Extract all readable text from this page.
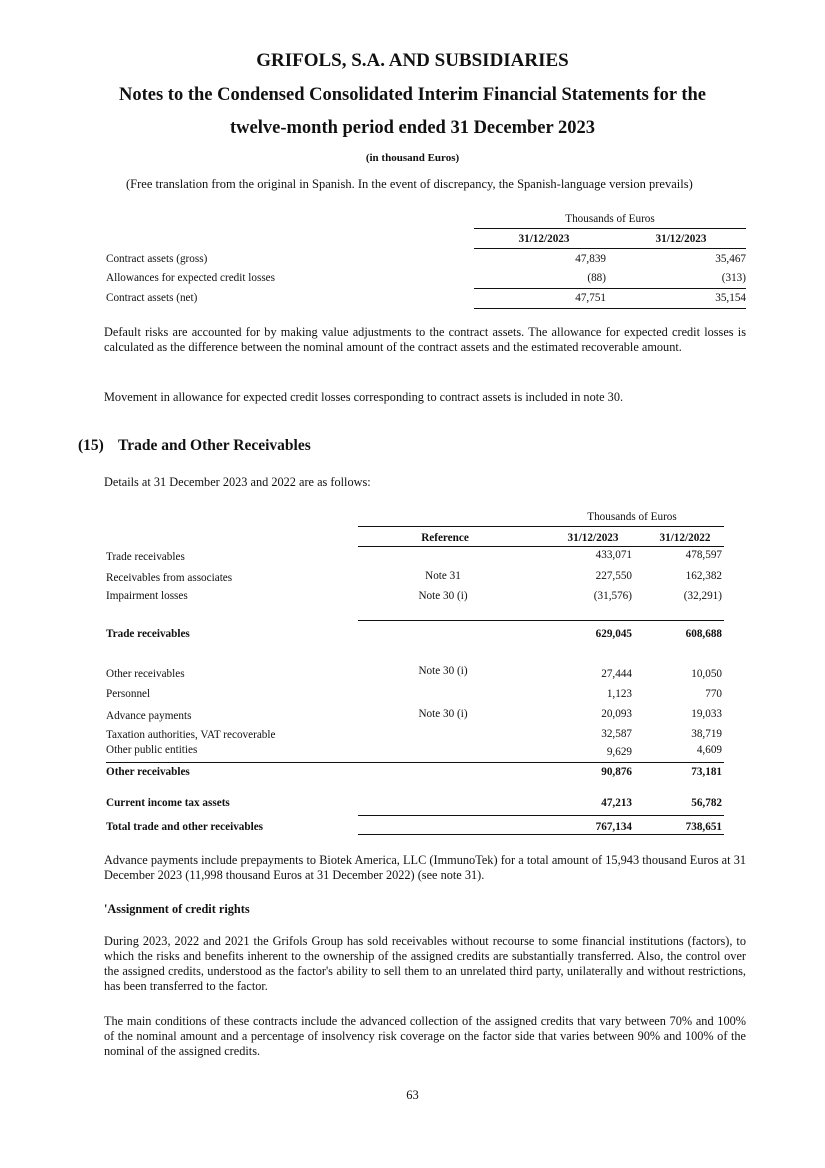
GRIFOLS, S.A. AND SUBSIDIARIES
Notes to the Condensed Consolidated Interim Financial Statements for the
twelve-month period ended 31 December 2023
(in thousand Euros)
(Free translation from the original in Spanish. In the event of discrepancy, the Spanish-language version prevails)
Thousands of Euros
31/12/2023	31/12/2023
Contract assets (gross)	47,839	35,467
Allowances for expected credit losses	(88)	(313)
Contract assets (net)	47,751	35,154
Default risks are accounted for by making value adjustments to the contract assets. The allowance for expected credit losses is calculated as the difference between the nominal amount of the contract assets and the estimated recoverable amount.
Movement in allowance for expected credit losses corresponding to contract assets is included in note 30.
(15) Trade and Other Receivables
Details at 31 December 2023 and 2022 are as follows:
Thousands of Euros
Reference	31/12/2023	31/12/2022
Trade receivables	433,071	478,597
Receivables from associates	Note 31	227,550	162,382
Impairment losses	Note 30 (i)	(31,576)	(32,291)
Trade receivables	629,045	608,688
Other receivables	Note 30 (i)	27,444	10,050
Personnel	1,123	770
Advance payments	Note 30 (i)	20,093	19,033
Taxation authorities, VAT recoverable	32,587	38,719
Other public entities	9,629	4,609
Other receivables	90,876	73,181
Current income tax assets	47,213	56,782
Total trade and other receivables	767,134	738,651
Advance payments include prepayments to Biotek America, LLC (ImmunoTek) for a total amount of 15,943 thousand Euros at 31 December 2023 (11,998 thousand Euros at 31 December 2022) (see note 31).
'Assignment of credit rights
During 2023, 2022 and 2021 the Grifols Group has sold receivables without recourse to some financial institutions (factors), to which the risks and benefits inherent to the ownership of the assigned credits are substantially transferred. Also, the control over the assigned credits, understood as the factor's ability to sell them to an unrelated third party, unilaterally and without restrictions, has been transferred to the factor.
The main conditions of these contracts include the advanced collection of the assigned credits that vary between 70% and 100% of the nominal amount and a percentage of insolvency risk coverage on the factor side that varies between 90% and 100% of the nominal of the assigned credits.
63
